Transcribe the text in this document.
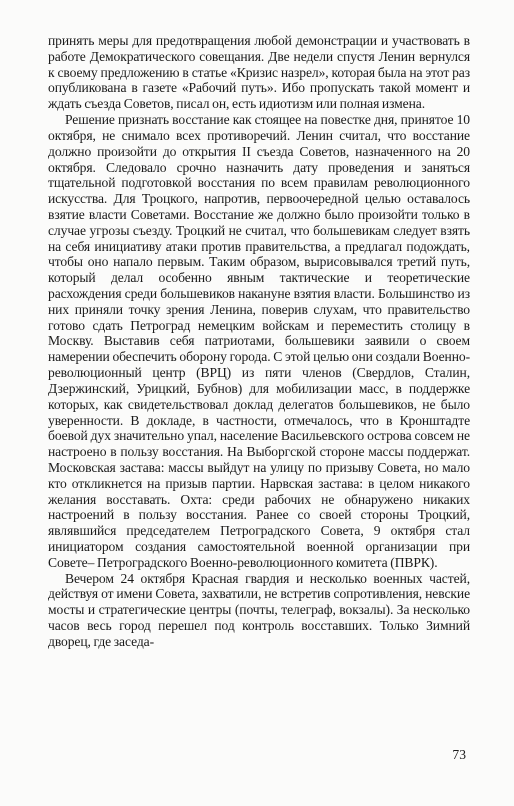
принять меры для предотвращения любой демонстрации и участвовать в работе Демократического совещания. Две недели спустя Ленин вернулся к своему предложению в статье «Кризис назрел», которая была на этот раз опубликована в газете «Рабочий путь». Ибо пропускать такой момент и ждать съезда Советов, писал он, есть идиотизм или полная измена.

Решение признать восстание как стоящее на повестке дня, принятое 10 октября, не снимало всех противоречий. Ленин считал, что восстание должно произойти до открытия II съезда Советов, назначенного на 20 октября. Следовало срочно назначить дату проведения и заняться тщательной подготовкой восстания по всем правилам революционного искусства. Для Троцкого, напротив, первоочередной целью оставалось взятие власти Советами. Восстание же должно было произойти только в случае угрозы съезду. Троцкий не считал, что большевикам следует взять на себя инициативу атаки против правительства, а предлагал подождать, чтобы оно напало первым. Таким образом, вырисовывался третий путь, который делал особенно явным тактические и теоретические расхождения среди большевиков накануне взятия власти. Большинство из них приняли точку зрения Ленина, поверив слухам, что правительство готово сдать Петроград немецким войскам и переместить столицу в Москву. Выставив себя патриотами, большевики заявили о своем намерении обеспечить оборону города. С этой целью они создали Военно-революционный центр (ВРЦ) из пяти членов (Свердлов, Сталин, Дзержинский, Урицкий, Бубнов) для мобилизации масс, в поддержке которых, как свидетельствовал доклад делегатов большевиков, не было уверенности. В докладе, в частности, отмечалось, что в Кронштадте боевой дух значительно упал, население Васильевского острова совсем не настроено в пользу восстания. На Выборгской стороне массы поддержат. Московская застава: массы выйдут на улицу по призыву Совета, но мало кто откликнется на призыв партии. Нарвская застава: в целом никакого желания восставать. Охта: среди рабочих не обнаружено никаких настроений в пользу восстания. Ранее со своей стороны Троцкий, являвшийся председателем Петроградского Совета, 9 октября стал инициатором создания самостоятельной военной организации при Совете– Петроградского Военно-революционного комитета (ПВРК).

Вечером 24 октября Красная гвардия и несколько военных частей, действуя от имени Совета, захватили, не встретив сопротивления, невские мосты и стратегические центры (почты, телеграф, вокзалы). За несколько часов весь город перешел под контроль восставших. Только Зимний дворец, где заседа-

73
